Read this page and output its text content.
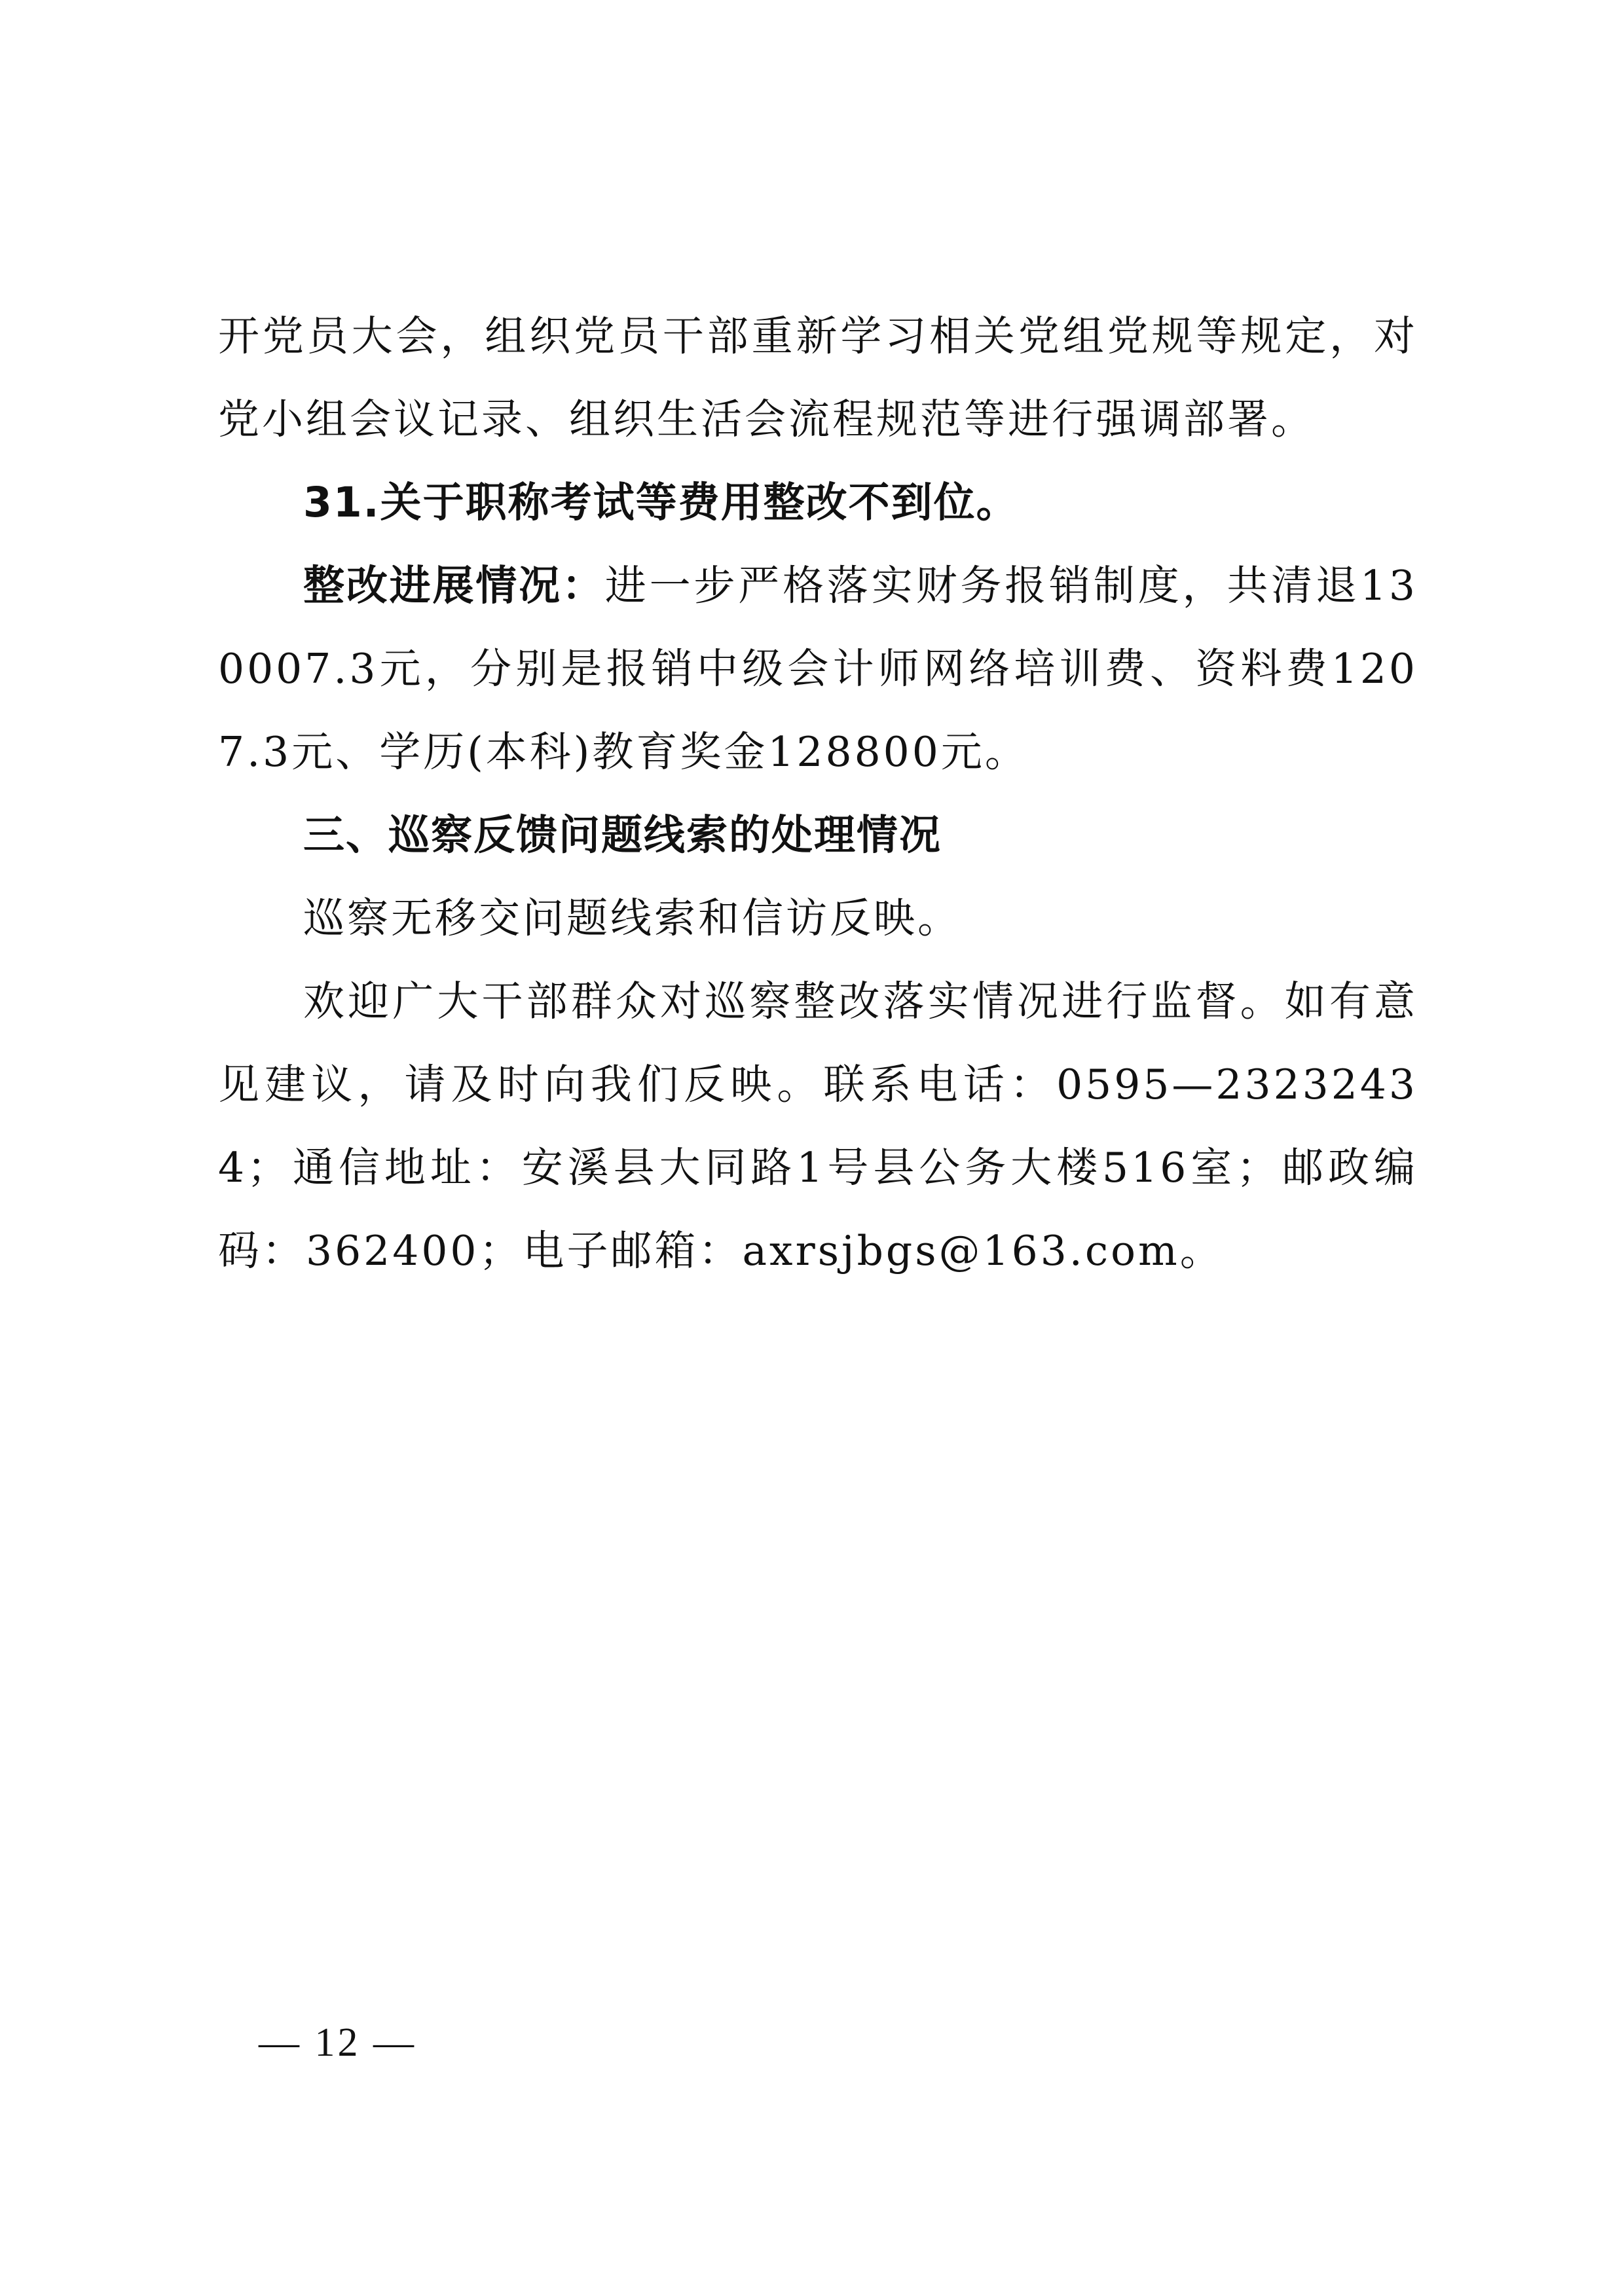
开党员大会，组织党员干部重新学习相关党组党规等规定，对党小组会议记录、组织生活会流程规范等进行强调部署。

31.关于职称考试等费用整改不到位。

整改进展情况：进一步严格落实财务报销制度，共清退130007.3元，分别是报销中级会计师网络培训费、资料费1207.3元、学历(本科)教育奖金128800元。

三、巡察反馈问题线索的处理情况

巡察无移交问题线索和信访反映。

欢迎广大干部群众对巡察整改落实情况进行监督。如有意见建议，请及时向我们反映。联系电话：0595—23232434；通信地址：安溪县大同路1号县公务大楼516室；邮政编码：362400；电子邮箱：axrsjbgs@163.com。

— 12 —
